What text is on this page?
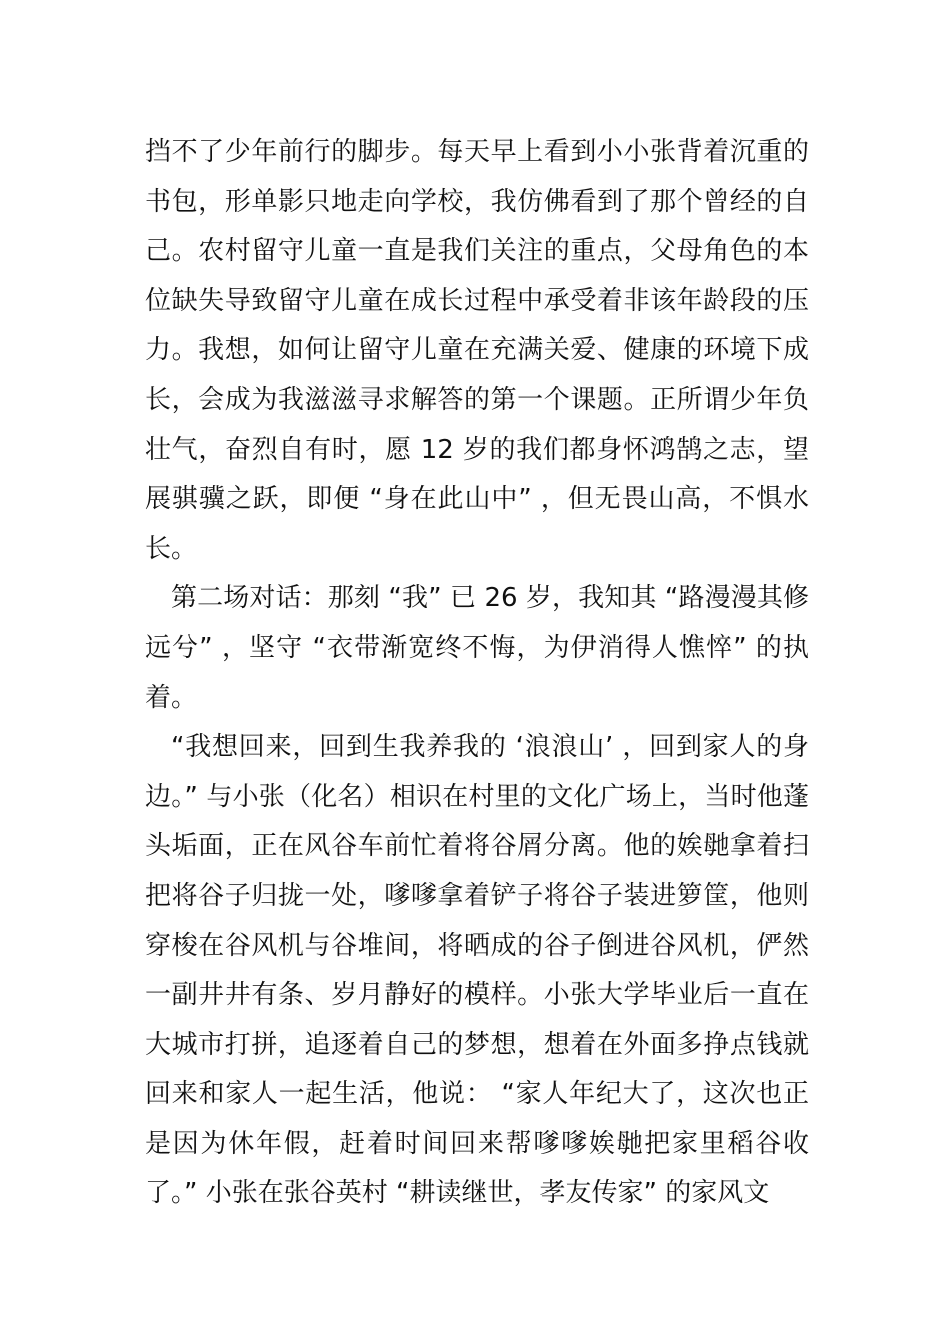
挡不了少年前行的脚步。每天早上看到小小张背着沉重的书包，形单影只地走向学校，我仿佛看到了那个曾经的自己。农村留守儿童一直是我们关注的重点，父母角色的本位缺失导致留守儿童在成长过程中承受着非该年龄段的压力。我想，如何让留守儿童在充满关爱、健康的环境下成长，会成为我滋滋寻求解答的第一个课题。正所谓少年负壮气，奋烈自有时，愿 12 岁的我们都身怀鸿鹄之志，望展骐骥之跃，即便 “身在此山中” ，但无畏山高，不惧水长。

第二场对话：那刻 “我” 已 26 岁，我知其 “路漫漫其修远兮” ，坚守 “衣带渐宽终不悔，为伊消得人憔悴” 的执着。

“我想回来，回到生我养我的 ‘浪浪山’ ，回到家人的身边。” 与小张（化名）相识在村里的文化广场上，当时他蓬头垢面，正在风谷车前忙着将谷屑分离。他的娭毑拿着扫把将谷子归拢一处，嗲嗲拿着铲子将谷子装进箩筐，他则穿梭在谷风机与谷堆间，将晒成的谷子倒进谷风机，俨然一副井井有条、岁月静好的模样。小张大学毕业后一直在大城市打拼，追逐着自己的梦想，想着在外面多挣点钱就回来和家人一起生活，他说： “家人年纪大了，这次也正是因为休年假，赶着时间回来帮嗲嗲娭毑把家里稻谷收了。” 小张在张谷英村 “耕读继世，孝友传家” 的家风文
